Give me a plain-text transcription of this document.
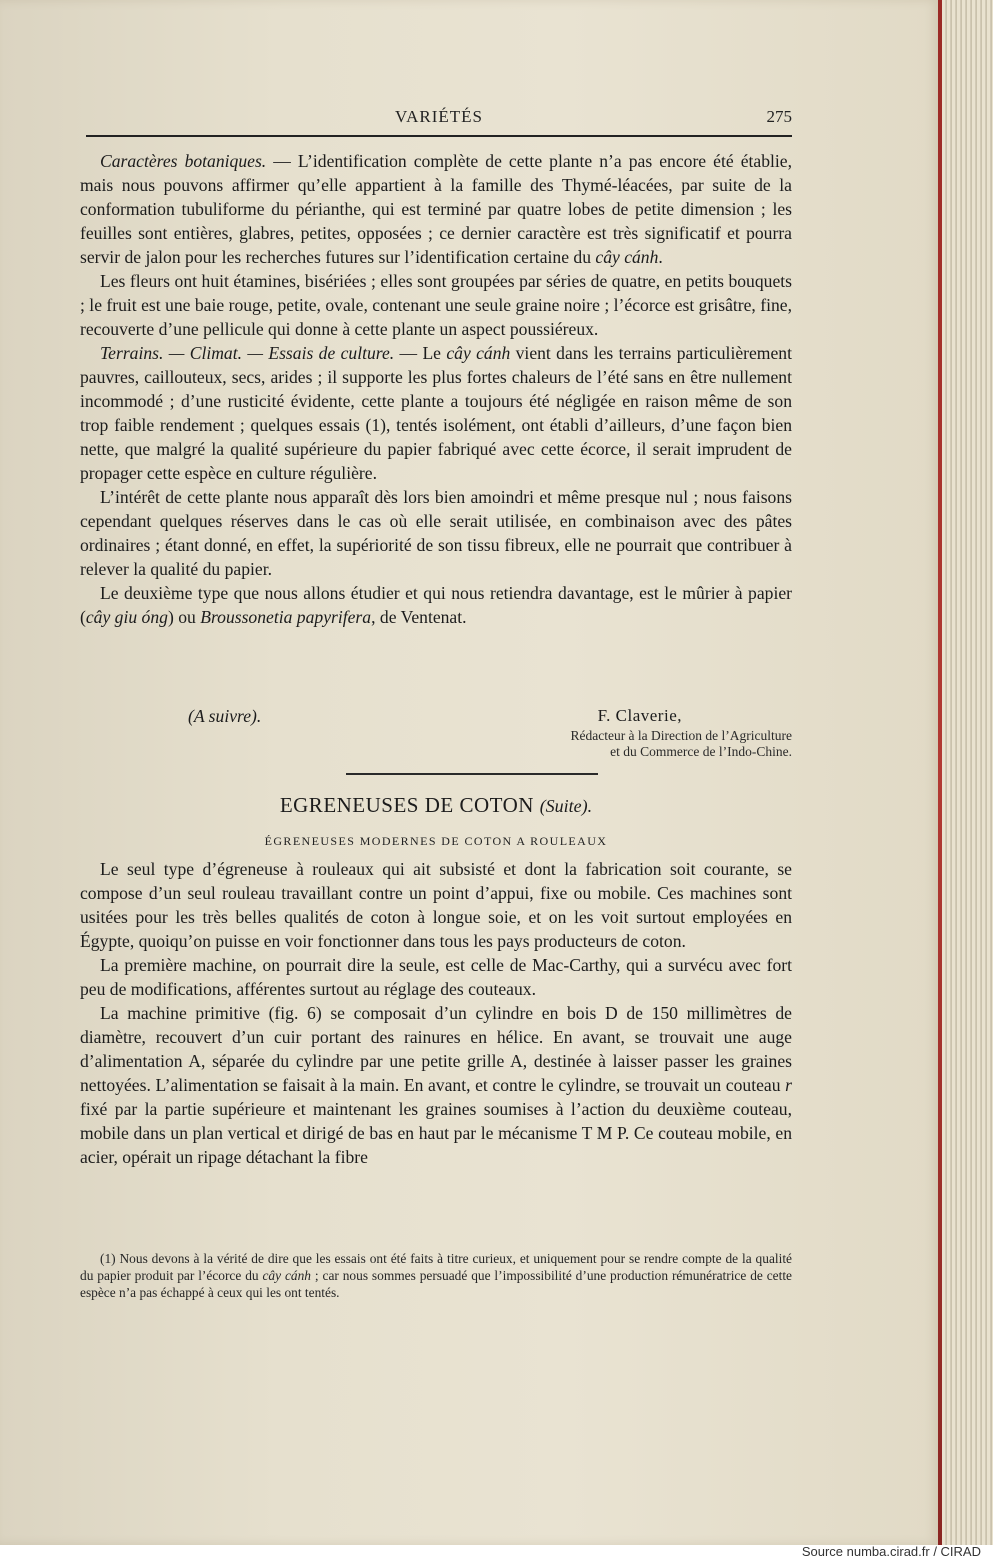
VARIÉTÉS	275

Caractères botaniques. — L’identification complète de cette plante n’a pas encore été établie, mais nous pouvons affirmer qu’elle appartient à la famille des Thymé-léacées, par suite de la conformation tubuliforme du périanthe, qui est terminé par quatre lobes de petite dimension ; les feuilles sont entières, glabres, petites, opposées ; ce dernier caractère est très significatif et pourra servir de jalon pour les recherches futures sur l’identification certaine du cây cánh.

Les fleurs ont huit étamines, bisériées ; elles sont groupées par séries de quatre, en petits bouquets ; le fruit est une baie rouge, petite, ovale, contenant une seule graine noire ; l’écorce est grisâtre, fine, recouverte d’une pellicule qui donne à cette plante un aspect poussiéreux.

Terrains. — Climat. — Essais de culture. — Le cây cánh vient dans les terrains particulièrement pauvres, caillouteux, secs, arides ; il supporte les plus fortes chaleurs de l’été sans en être nullement incommodé ; d’une rusticité évidente, cette plante a toujours été négligée en raison même de son trop faible rendement ; quelques essais (1), tentés isolément, ont établi d’ailleurs, d’une façon bien nette, que malgré la qualité supérieure du papier fabriqué avec cette écorce, il serait imprudent de propager cette espèce en culture régulière.

L’intérêt de cette plante nous apparaît dès lors bien amoindri et même presque nul ; nous faisons cependant quelques réserves dans le cas où elle serait utilisée, en combinaison avec des pâtes ordinaires ; étant donné, en effet, la supériorité de son tissu fibreux, elle ne pourrait que contribuer à relever la qualité du papier.

Le deuxième type que nous allons étudier et qui nous retiendra davantage, est le mûrier à papier (cây giu óng) ou Broussonetia papyrifera, de Ventenat.

(A suivre).	F. Claverie,
Rédacteur à la Direction de l’Agriculture
et du Commerce de l’Indo-Chine.
EGRENEUSES DE COTON (Suite).
ÉGRENEUSES MODERNES DE COTON A ROULEAUX

Le seul type d’égreneuse à rouleaux qui ait subsisté et dont la fabrication soit courante, se compose d’un seul rouleau travaillant contre un point d’appui, fixe ou mobile. Ces machines sont usitées pour les très belles qualités de coton à longue soie, et on les voit surtout employées en Égypte, quoiqu’on puisse en voir fonctionner dans tous les pays producteurs de coton.

La première machine, on pourrait dire la seule, est celle de Mac-Carthy, qui a survécu avec fort peu de modifications, afférentes surtout au réglage des couteaux.

La machine primitive (fig. 6) se composait d’un cylindre en bois D de 150 millimètres de diamètre, recouvert d’un cuir portant des rainures en hélice. En avant, se trouvait une auge d’alimentation A, séparée du cylindre par une petite grille A, destinée à laisser passer les graines nettoyées. L’alimentation se faisait à la main. En avant, et contre le cylindre, se trouvait un couteau r fixé par la partie supérieure et maintenant les graines soumises à l’action du deuxième couteau, mobile dans un plan vertical et dirigé de bas en haut par le mécanisme T M P. Ce couteau mobile, en acier, opérait un ripage détachant la fibre

(1) Nous devons à la vérité de dire que les essais ont été faits à titre curieux, et uniquement pour se rendre compte de la qualité du papier produit par l’écorce du cây cánh ; car nous sommes persuadé que l’impossibilité d’une production rémunératrice de cette espèce n’a pas échappé à ceux qui les ont tentés.

Source numba.cirad.fr / CIRAD
